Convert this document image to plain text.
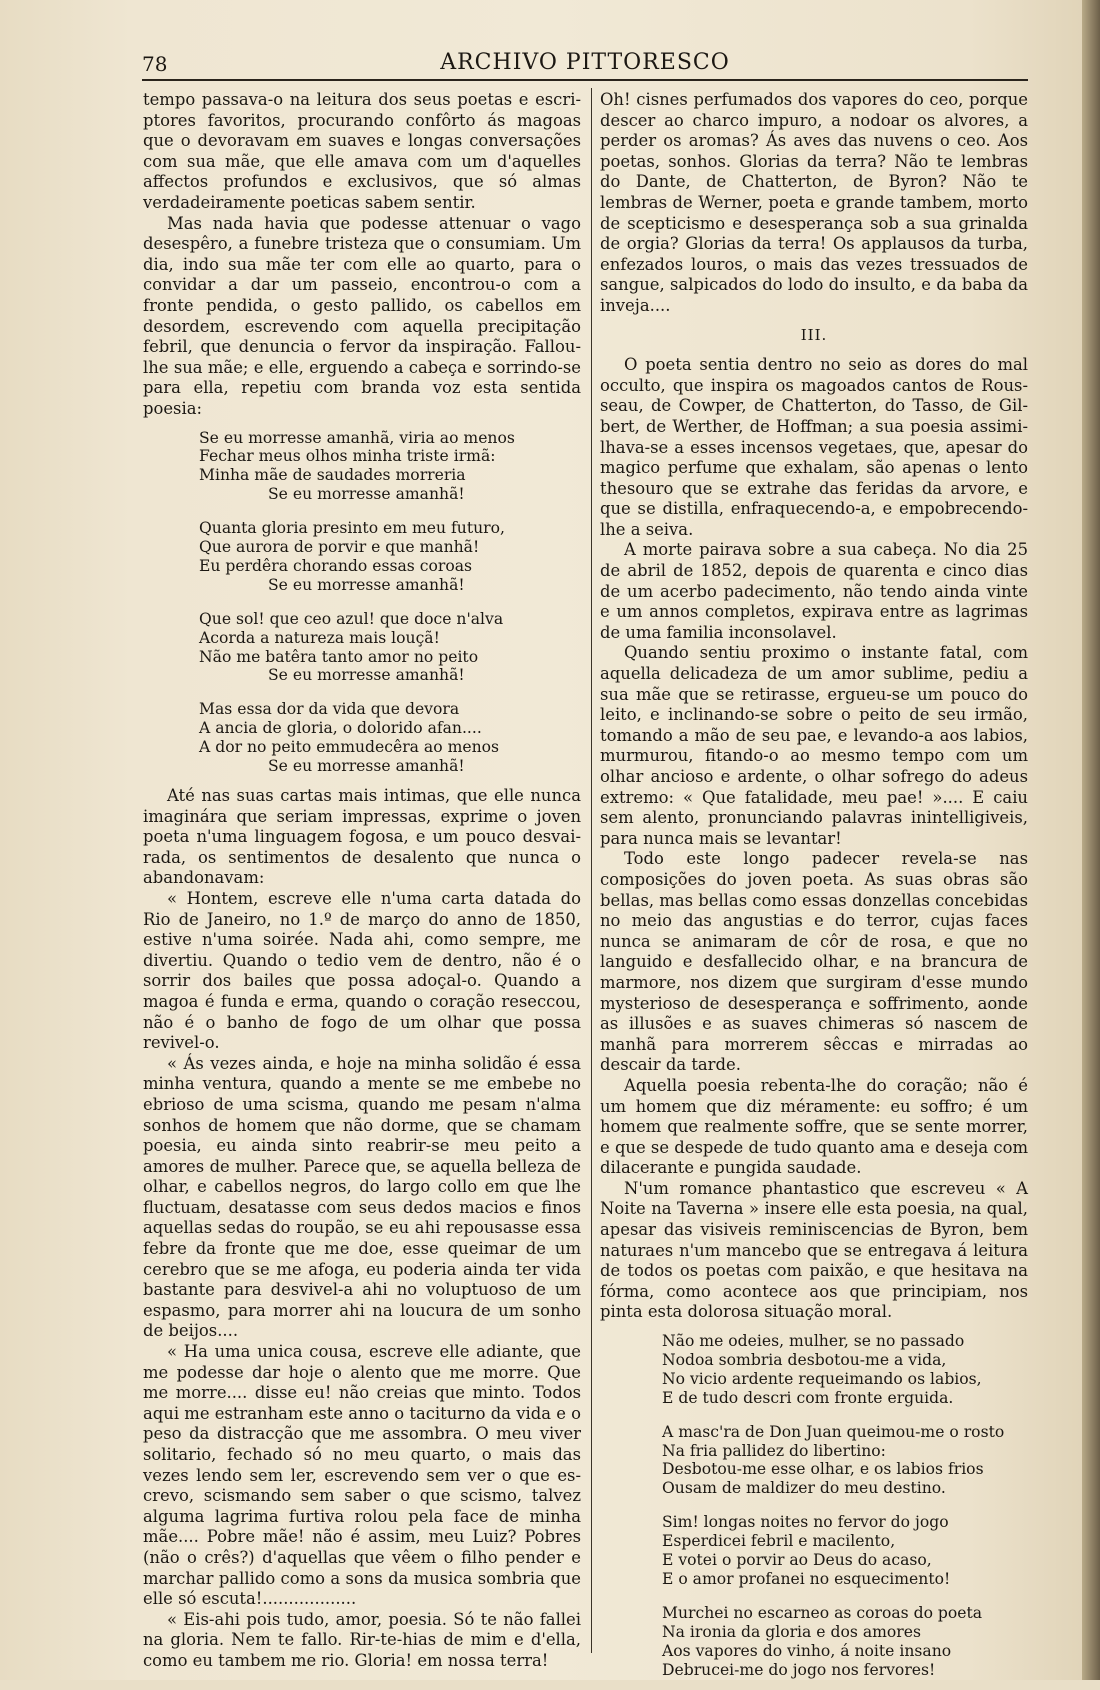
78	ARCHIVO PITTORESCO

tempo passava-o na leitura dos seus poetas e escriptores favoritos, procurando confôrto ás magoas que o devoravam em suaves e longas conversações com sua mãe, que elle amava com um d'aquelles affectos profundos e exclusivos, que só almas verdadeiramente poeticas sabem sentir.

Mas nada havia que podesse attenuar o vago desespêro, a funebre tristeza que o consumiam. Um dia, indo sua mãe ter com elle ao quarto, para o convidar a dar um passeio, encontrou-o com a fronte pendida, o gesto pallido, os cabellos em desordem, escrevendo com aquella precipitação febril, que denuncia o fervor da inspiração. Fallou-lhe sua mãe; e elle, erguendo a cabeça e sorrindo-se para ella, repetiu com branda voz esta sentida poesia:

Se eu morresse amanhã, viria ao menos
Fechar meus olhos minha triste irmã:
Minha mãe de saudades morreria
Se eu morresse amanhã!
Quanta gloria presinto em meu futuro,
Que aurora de porvir e que manhã!
Eu perdêra chorando essas coroas
Se eu morresse amanhã!
Que sol! que ceo azul! que doce n'alva
Acorda a natureza mais louçã!
Não me batêra tanto amor no peito
Se eu morresse amanhã!
Mas essa dor da vida que devora
A ancia de gloria, o dolorido afan....
A dor no peito emmudecêra ao menos
Se eu morresse amanhã!

Até nas suas cartas mais intimas, que elle nunca imaginára que seriam impressas, exprime o joven poeta n'uma linguagem fogosa, e um pouco desvairada, os sentimentos de desalento que nunca o abandonavam:

« Hontem, escreve elle n'uma carta datada do Rio de Janeiro, no 1.º de março do anno de 1850, estive n'uma soirée. Nada ahi, como sempre, me divertiu. Quando o tedio vem de dentro, não é o sorrir dos bailes que possa adoçal-o. Quando a magoa é funda e erma, quando o coração reseccou, não é o banho de fogo de um olhar que possa revivel-o.

« Ás vezes ainda, e hoje na minha solidão é essa minha ventura, quando a mente se me embebe no ebrioso de uma scisma, quando me pesam n'alma sonhos de homem que não dorme, que se chamam poesia, eu ainda sinto reabrir-se meu peito a amores de mulher. Parece que, se aquella belleza de olhar, e cabellos negros, do largo collo em que lhe fluctuam, desatasse com seus dedos macios e finos aquellas sedas do roupão, se eu ahi repousasse essa febre da fronte que me doe, esse queimar de um cerebro que se me afoga, eu poderia ainda ter vida bastante para desvivel-a ahi no voluptuoso de um espasmo, para morrer ahi na loucura de um sonho de beijos....

« Ha uma unica cousa, escreve elle adiante, que me podesse dar hoje o alento que me morre. Que me morre.... disse eu! não creias que minto. Todos aqui me estranham este anno o taciturno da vida e o peso da distracção que me assombra. O meu viver solitario, fechado só no meu quarto, o mais das vezes lendo sem ler, escrevendo sem ver o que escrevo, scismando sem saber o que scismo, talvez alguma lagrima furtiva rolou pela face de minha mãe.... Pobre mãe! não é assim, meu Luiz? Pobres (não o crês?) d'aquellas que vêem o filho pender e marchar pallido como a sons da musica sombria que elle só escuta!..................

« Eis-ahi pois tudo, amor, poesia. Só te não fallei na gloria. Nem te fallo. Rir-te-hias de mim e d'ella, como eu tambem me rio. Gloria! em nossa terra!

Oh! cisnes perfumados dos vapores do ceo, porque descer ao charco impuro, a nodoar os alvores, a perder os aromas? Ás aves das nuvens o ceo. Aos poetas, sonhos. Glorias da terra? Não te lembras do Dante, de Chatterton, de Byron? Não te lembras de Werner, poeta e grande tambem, morto de scepticismo e desesperança sob a sua grinalda de orgia? Glorias da terra! Os applausos da turba, enfezados louros, o mais das vezes tressuados de sangue, salpicados do lodo do insulto, e da baba da inveja....

III.

O poeta sentia dentro no seio as dores do mal occulto, que inspira os magoados cantos de Rousseau, de Cowper, de Chatterton, do Tasso, de Gilbert, de Werther, de Hoffman; a sua poesia assimilhava-se a esses incensos vegetaes, que, apesar do magico perfume que exhalam, são apenas o lento thesouro que se extrahe das feridas da arvore, e que se distilla, enfraquecendo-a, e empobrecendo-lhe a seiva.

A morte pairava sobre a sua cabeça. No dia 25 de abril de 1852, depois de quarenta e cinco dias de um acerbo padecimento, não tendo ainda vinte e um annos completos, expirava entre as lagrimas de uma familia inconsolavel.

Quando sentiu proximo o instante fatal, com aquella delicadeza de um amor sublime, pediu a sua mãe que se retirasse, ergueu-se um pouco do leito, e inclinando-se sobre o peito de seu irmão, tomando a mão de seu pae, e levando-a aos labios, murmurou, fitando-o ao mesmo tempo com um olhar ancioso e ardente, o olhar sofrego do adeus extremo: « Que fatalidade, meu pae! ».... E caiu sem alento, pronunciando palavras inintelligiveis, para nunca mais se levantar!

Todo este longo padecer revela-se nas composições do joven poeta. As suas obras são bellas, mas bellas como essas donzellas concebidas no meio das angustias e do terror, cujas faces nunca se animaram de côr de rosa, e que no languido e desfallecido olhar, e na brancura de marmore, nos dizem que surgiram d'esse mundo mysterioso de desesperança e soffrimento, aonde as illusões e as suaves chimeras só nascem de manhã para morrerem sêccas e mirradas ao descair da tarde.

Aquella poesia rebenta-lhe do coração; não é um homem que diz méramente: eu soffro; é um homem que realmente soffre, que se sente morrer, e que se despede de tudo quanto ama e deseja com dilacerante e pungida saudade.

N'um romance phantastico que escreveu « A Noite na Taverna » insere elle esta poesia, na qual, apesar das visiveis reminiscencias de Byron, bem naturaes n'um mancebo que se entregava á leitura de todos os poetas com paixão, e que hesitava na fórma, como acontece aos que principiam, nos pinta esta dolorosa situação moral.

Não me odeies, mulher, se no passado
Nodoa sombria desbotou-me a vida,
No vicio ardente requeimando os labios,
E de tudo descri com fronte erguida.
A masc'ra de Don Juan queimou-me o rosto
Na fria pallidez do libertino:
Desbotou-me esse olhar, e os labios frios
Ousam de maldizer do meu destino.
Sim! longas noites no fervor do jogo
Esperdicei febril e macilento,
E votei o porvir ao Deus do acaso,
E o amor profanei no esquecimento!
Murchei no escarneo as coroas do poeta
Na ironia da gloria e dos amores
Aos vapores do vinho, á noite insano
Debrucei-me do jogo nos fervores!
